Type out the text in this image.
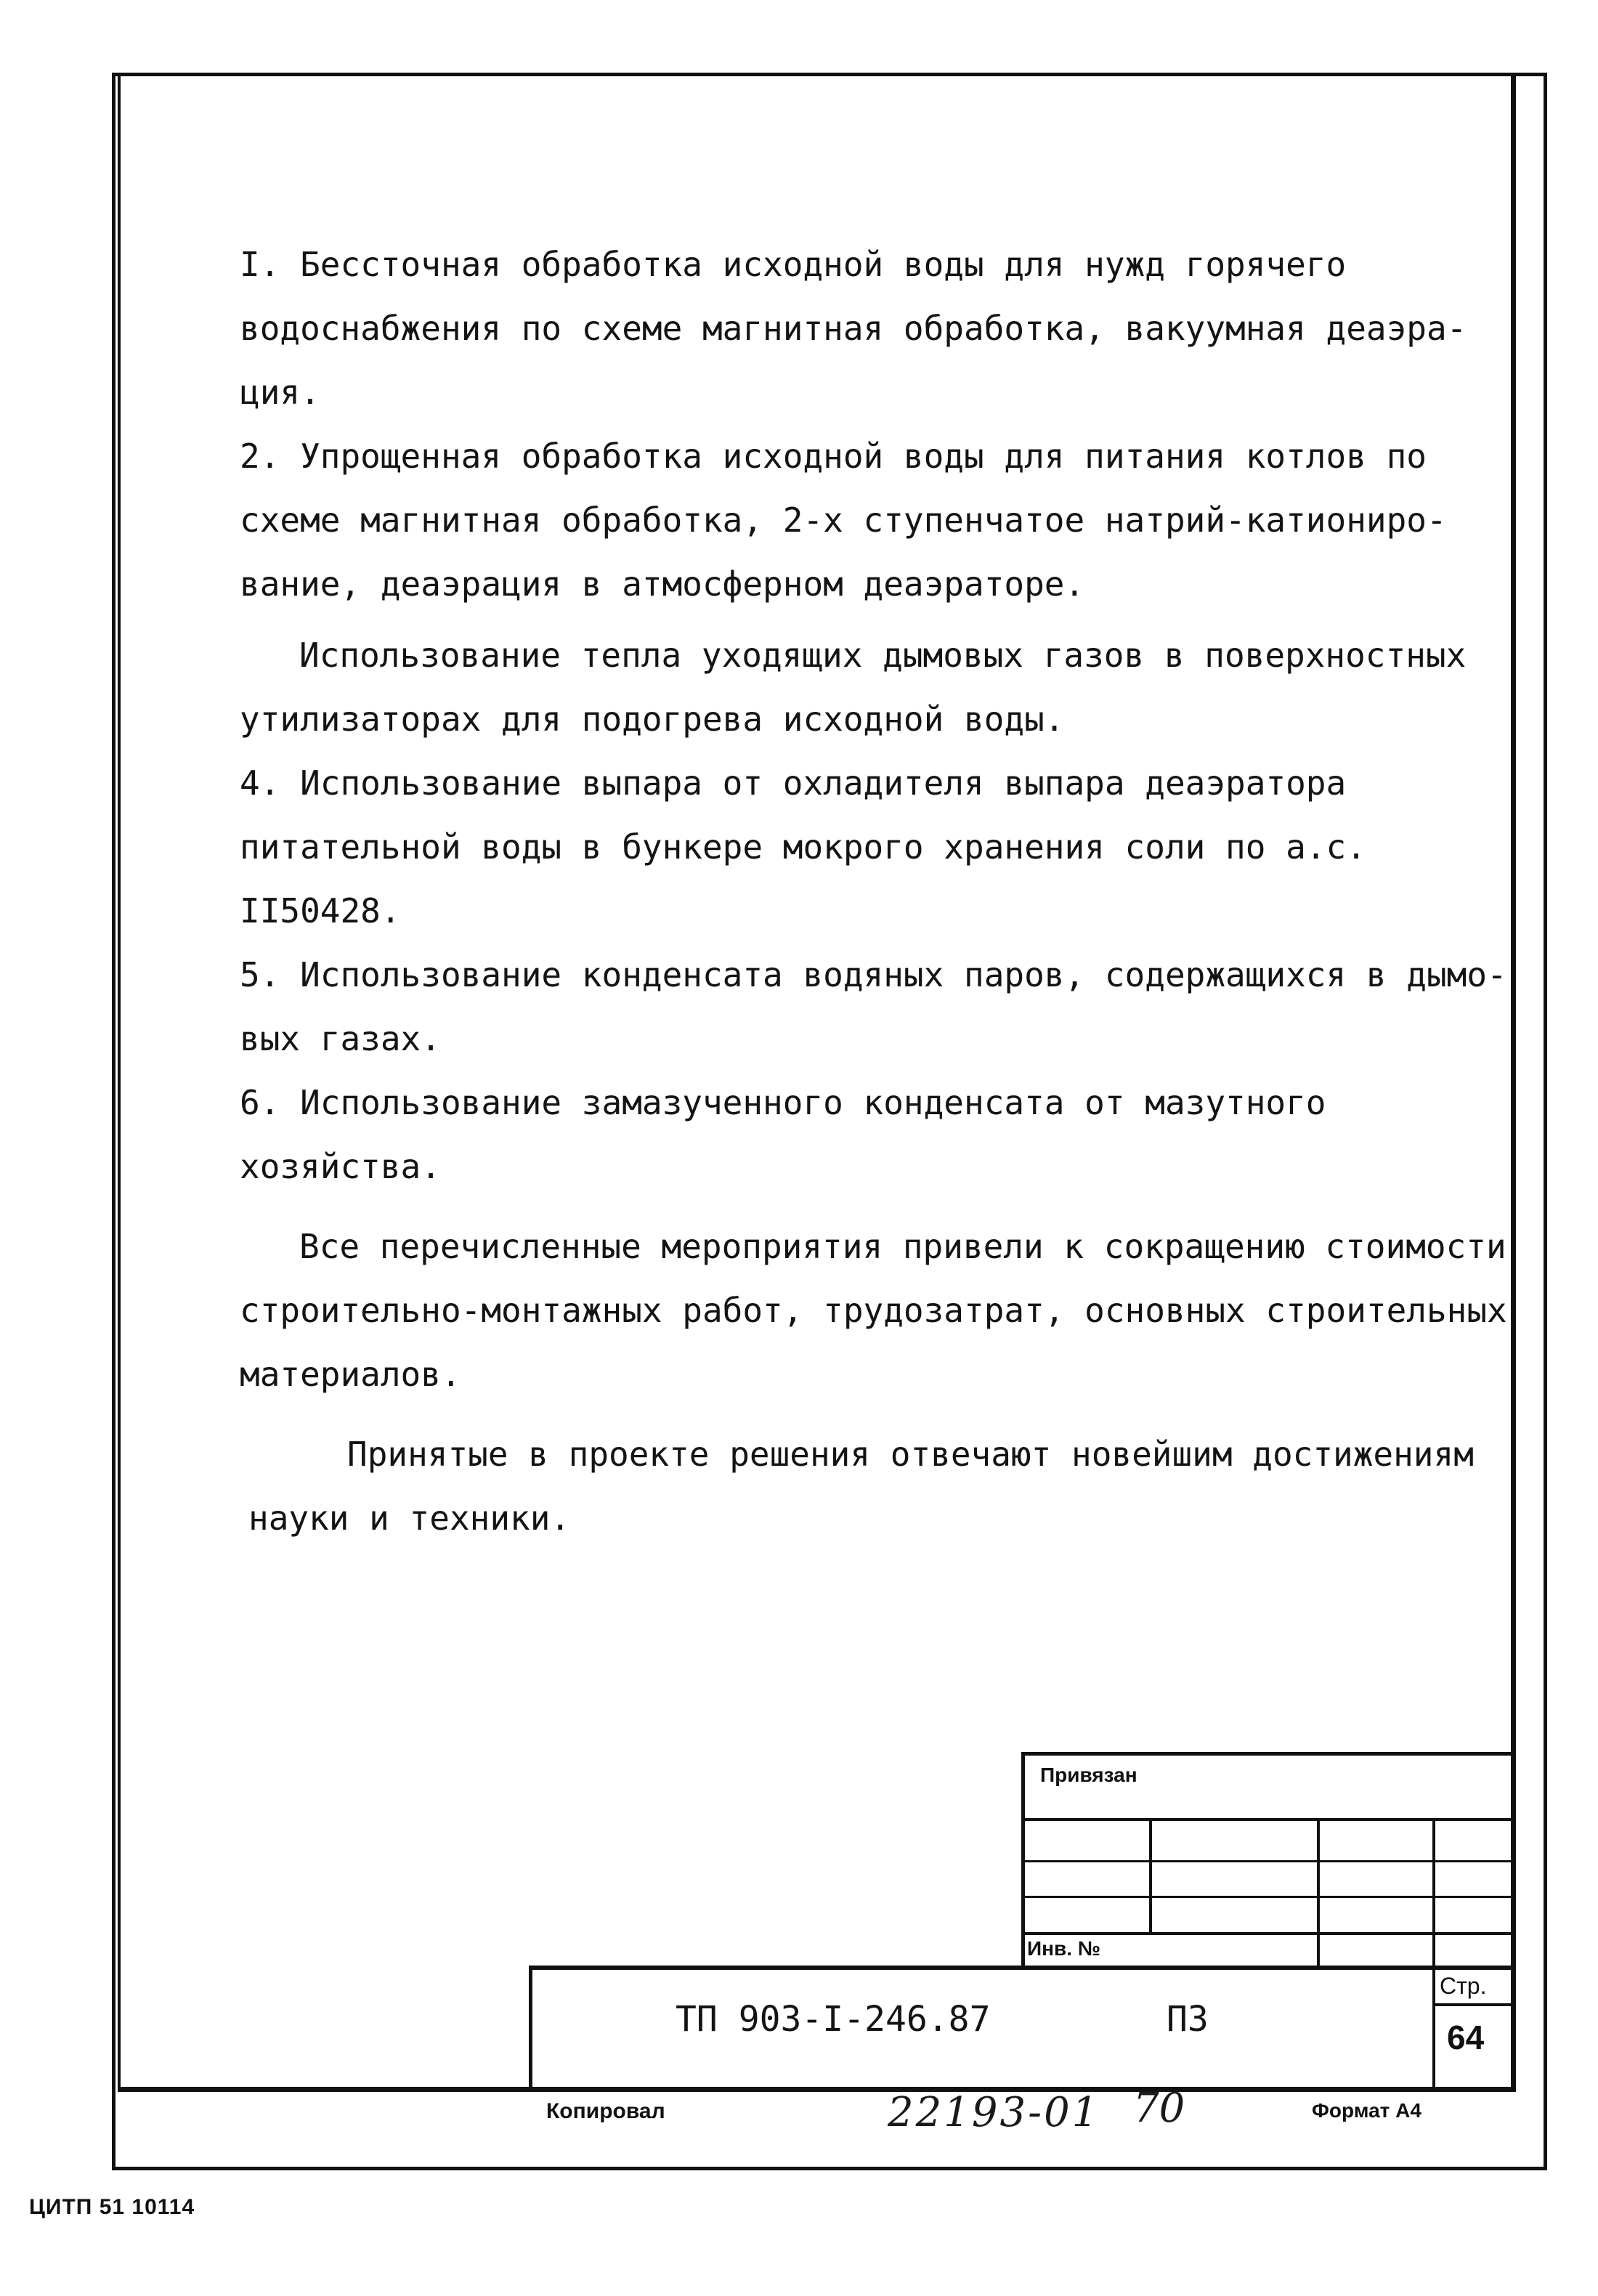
I. Бессточная обработка исходной воды для нужд горячего
водоснабжения по схеме магнитная обработка, вакуумная деаэра-
ция.
2. Упрощенная обработка исходной воды для питания котлов по
схеме магнитная обработка, 2-х ступенчатое натрий-катиониро-
вание, деаэрация в атмосферном деаэраторе.
Использование тепла уходящих дымовых газов в поверхностных
утилизаторах для подогрева исходной воды.
4. Использование выпара от охладителя выпара деаэратора
питательной воды в бункере мокрого хранения соли по а.с.
II50428.
5. Использование конденсата водяных паров, содержащихся в дымо-
вых газах.
6. Использование замазученного конденсата от мазутного
хозяйства.
Все перечисленные мероприятия привели к сокращению стоимости
строительно-монтажных работ, трудозатрат, основных строительных
материалов.
Принятые в проекте решения отвечают новейшим достижениям
науки и техники.
Привязан
Инв. №
ТП 903-I-246.87	ПЗ
Стр.
64
Копировал	22193-01 70	Формат А4
ЦИТП 51 10114
